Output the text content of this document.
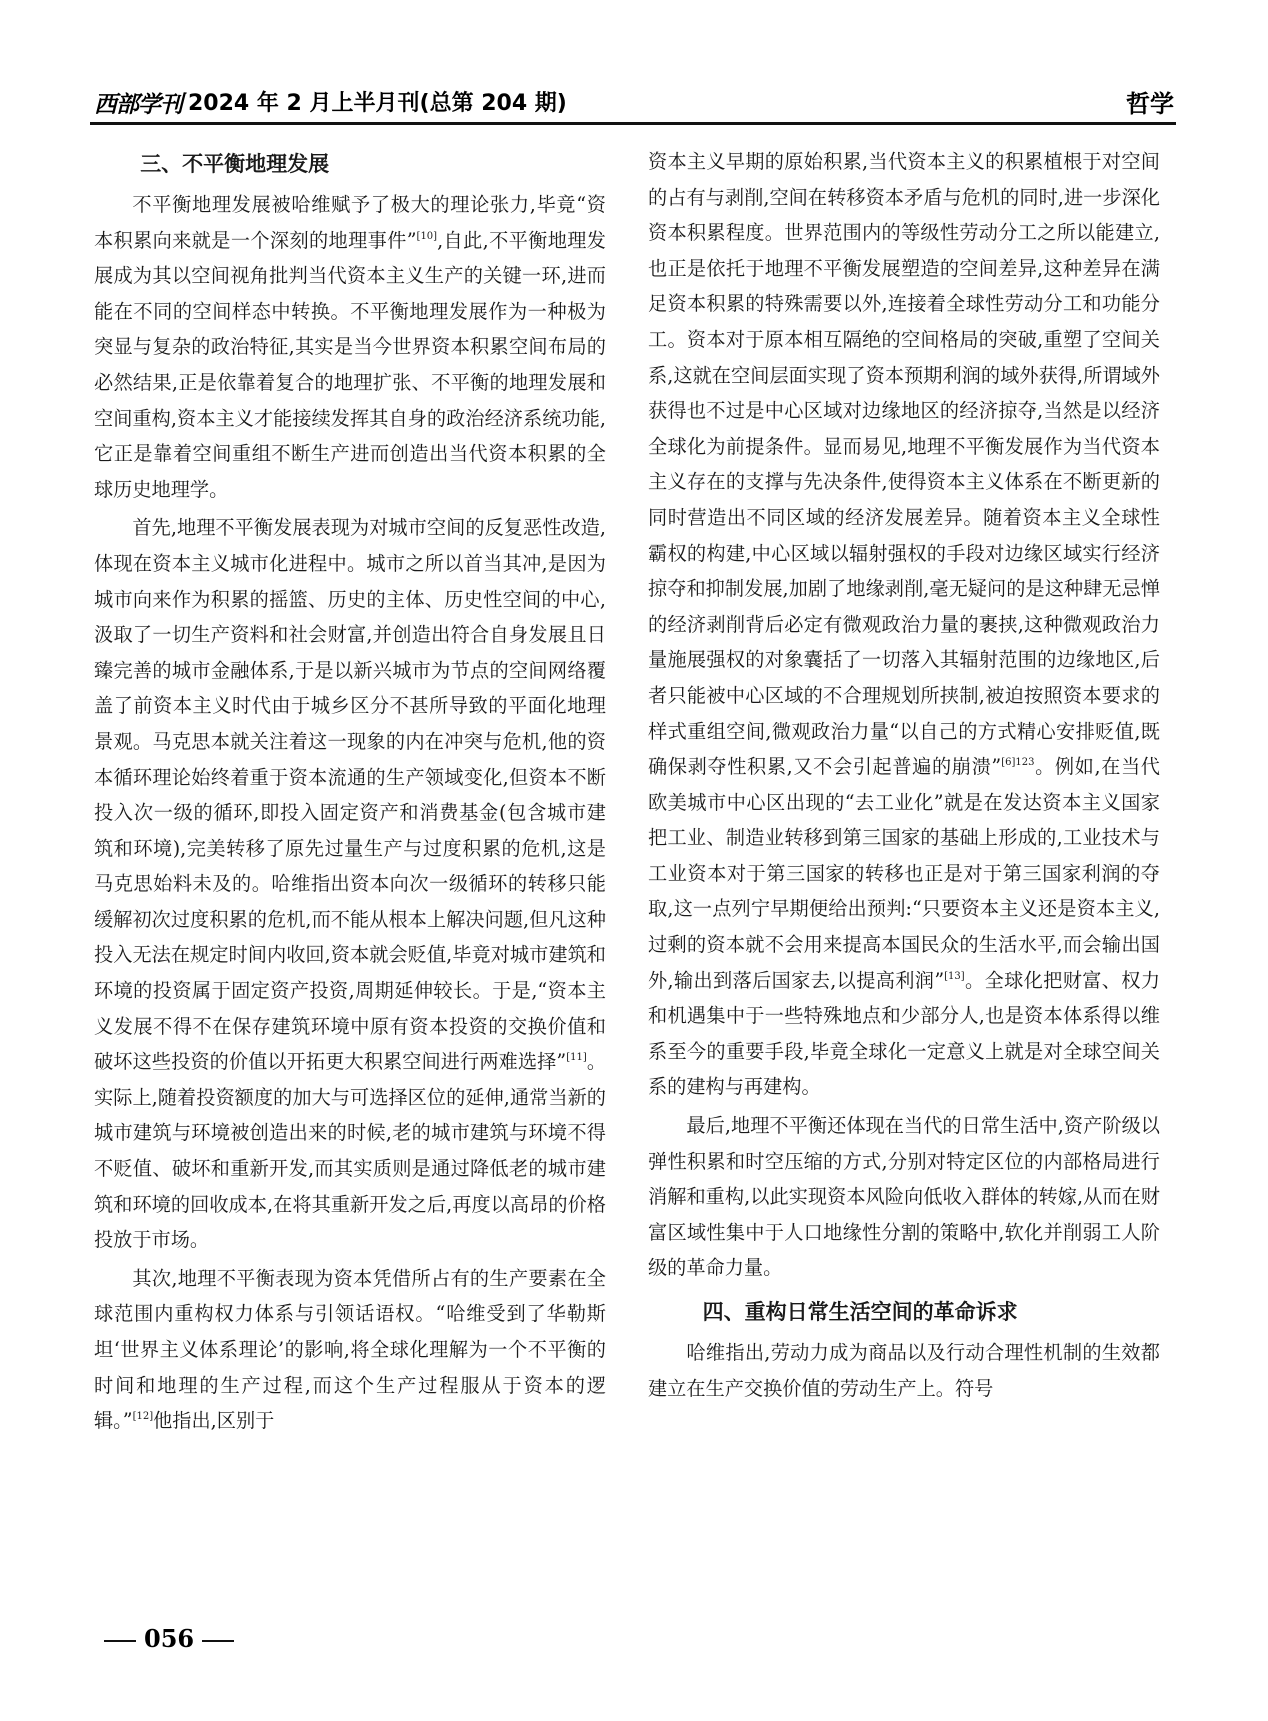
西部学刊 2024 年 2 月上半月刊(总第 204 期)	哲学
三、不平衡地理发展

不平衡地理发展被哈维赋予了极大的理论张力,毕竟“资本积累向来就是一个深刻的地理事件”[10],自此,不平衡地理发展成为其以空间视角批判当代资本主义生产的关键一环,进而能在不同的空间样态中转换。不平衡地理发展作为一种极为突显与复杂的政治特征,其实是当今世界资本积累空间布局的必然结果,正是依靠着复合的地理扩张、不平衡的地理发展和空间重构,资本主义才能接续发挥其自身的政治经济系统功能,它正是靠着空间重组不断生产进而创造出当代资本积累的全球历史地理学。

首先,地理不平衡发展表现为对城市空间的反复恶性改造,体现在资本主义城市化进程中。城市之所以首当其冲,是因为城市向来作为积累的摇篮、历史的主体、历史性空间的中心,汲取了一切生产资料和社会财富,并创造出符合自身发展且日臻完善的城市金融体系,于是以新兴城市为节点的空间网络覆盖了前资本主义时代由于城乡区分不甚所导致的平面化地理景观。马克思本就关注着这一现象的内在冲突与危机,他的资本循环理论始终着重于资本流通的生产领域变化,但资本不断投入次一级的循环,即投入固定资产和消费基金(包含城市建筑和环境),完美转移了原先过量生产与过度积累的危机,这是马克思始料未及的。哈维指出资本向次一级循环的转移只能缓解初次过度积累的危机,而不能从根本上解决问题,但凡这种投入无法在规定时间内收回,资本就会贬值,毕竟对城市建筑和环境的投资属于固定资产投资,周期延伸较长。于是,“资本主义发展不得不在保存建筑环境中原有资本投资的交换价值和破坏这些投资的价值以开拓更大积累空间进行两难选择”[11]。实际上,随着投资额度的加大与可选择区位的延伸,通常当新的城市建筑与环境被创造出来的时候,老的城市建筑与环境不得不贬值、破坏和重新开发,而其实质则是通过降低老的城市建筑和环境的回收成本,在将其重新开发之后,再度以高昂的价格投放于市场。

其次,地理不平衡表现为资本凭借所占有的生产要素在全球范围内重构权力体系与引领话语权。“哈维受到了华勒斯坦‘世界主义体系理论’的影响,将全球化理解为一个不平衡的时间和地理的生产过程,而这个生产过程服从于资本的逻辑。”[12]他指出,区别于

资本主义早期的原始积累,当代资本主义的积累植根于对空间的占有与剥削,空间在转移资本矛盾与危机的同时,进一步深化资本积累程度。世界范围内的等级性劳动分工之所以能建立,也正是依托于地理不平衡发展塑造的空间差异,这种差异在满足资本积累的特殊需要以外,连接着全球性劳动分工和功能分工。资本对于原本相互隔绝的空间格局的突破,重塑了空间关系,这就在空间层面实现了资本预期利润的域外获得,所谓域外获得也不过是中心区域对边缘地区的经济掠夺,当然是以经济全球化为前提条件。显而易见,地理不平衡发展作为当代资本主义存在的支撑与先决条件,使得资本主义体系在不断更新的同时营造出不同区域的经济发展差异。随着资本主义全球性霸权的构建,中心区域以辐射强权的手段对边缘区域实行经济掠夺和抑制发展,加剧了地缘剥削,毫无疑问的是这种肆无忌惮的经济剥削背后必定有微观政治力量的裹挟,这种微观政治力量施展强权的对象囊括了一切落入其辐射范围的边缘地区,后者只能被中心区域的不合理规划所挟制,被迫按照资本要求的样式重组空间,微观政治力量“以自己的方式精心安排贬值,既确保剥夺性积累,又不会引起普遍的崩溃”$^{[6]123}$。例如,在当代欧美城市中心区出现的“去工业化”就是在发达资本主义国家把工业、制造业转移到第三国家的基础上形成的,工业技术与工业资本对于第三国家的转移也正是对于第三国家利润的夺取,这一点列宁早期便给出预判:“只要资本主义还是资本主义,过剩的资本就不会用来提高本国民众的生活水平,而会输出国外,输出到落后国家去,以提高利润”[13]。全球化把财富、权力和机遇集中于一些特殊地点和少部分人,也是资本体系得以维系至今的重要手段,毕竟全球化一定意义上就是对全球空间关系的建构与再建构。

最后,地理不平衡还体现在当代的日常生活中,资产阶级以弹性积累和时空压缩的方式,分别对特定区位的内部格局进行消解和重构,以此实现资本风险向低收入群体的转嫁,从而在财富区域性集中于人口地缘性分割的策略中,软化并削弱工人阶级的革命力量。

四、重构日常生活空间的革命诉求

哈维指出,劳动力成为商品以及行动合理性机制的生效都建立在生产交换价值的劳动生产上。符号

056
